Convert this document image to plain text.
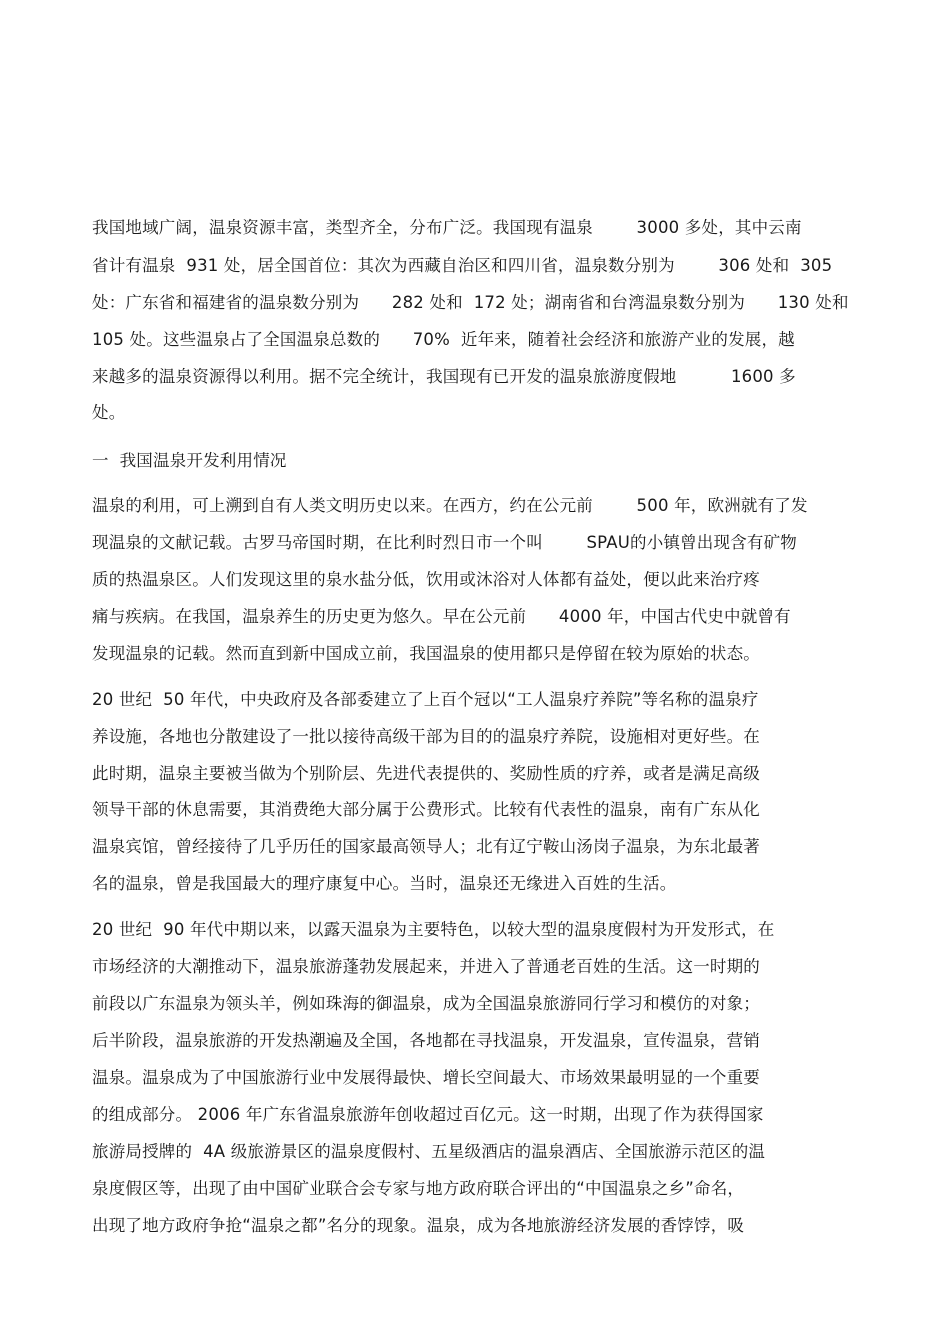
我国地域广阔，温泉资源丰富，类型齐全，分布广泛。我国现有温泉        3000 多处，其中云南
省计有温泉  931 处，居全国首位：其次为西藏自治区和四川省，温泉数分别为        306 处和  305
处：广东省和福建省的温泉数分别为      282 处和  172 处；湖南省和台湾温泉数分别为      130 处和
105 处。这些温泉占了全国温泉总数的      70%  近年来，随着社会经济和旅游产业的发展，越
来越多的温泉资源得以利用。据不完全统计，我国现有已开发的温泉旅游度假地          1600 多
处。
一  我国温泉开发利用情况
温泉的利用，可上溯到自有人类文明历史以来。在西方，约在公元前        500 年，欧洲就有了发
现温泉的文献记载。古罗马帝国时期，在比利时烈日市一个叫        SPAU的小镇曾出现含有矿物
质的热温泉区。人们发现这里的泉水盐分低，饮用或沐浴对人体都有益处，便以此来治疗疼
痛与疾病。在我国，温泉养生的历史更为悠久。早在公元前      4000 年，中国古代史中就曾有
发现温泉的记载。然而直到新中国成立前，我国温泉的使用都只是停留在较为原始的状态。
20 世纪  50 年代，中央政府及各部委建立了上百个冠以“工人温泉疗养院”等名称的温泉疗
养设施，各地也分散建设了一批以接待高级干部为目的的温泉疗养院，设施相对更好些。在
此时期，温泉主要被当做为个别阶层、先进代表提供的、奖励性质的疗养，或者是满足高级
领导干部的休息需要，其消费绝大部分属于公费形式。比较有代表性的温泉，南有广东从化
温泉宾馆，曾经接待了几乎历任的国家最高领导人；北有辽宁鞍山汤岗子温泉，为东北最著
名的温泉，曾是我国最大的理疗康复中心。当时，温泉还无缘进入百姓的生活。
20 世纪  90 年代中期以来，以露天温泉为主要特色，以较大型的温泉度假村为开发形式，在
市场经济的大潮推动下，温泉旅游蓬勃发展起来，并进入了普通老百姓的生活。这一时期的
前段以广东温泉为领头羊，例如珠海的御温泉，成为全国温泉旅游同行学习和模仿的对象；
后半阶段，温泉旅游的开发热潮遍及全国，各地都在寻找温泉，开发温泉，宣传温泉，营销
温泉。温泉成为了中国旅游行业中发展得最快、增长空间最大、市场效果最明显的一个重要
的组成部分。 2006 年广东省温泉旅游年创收超过百亿元。这一时期，出现了作为获得国家
旅游局授牌的  4A 级旅游景区的温泉度假村、五星级酒店的温泉酒店、全国旅游示范区的温
泉度假区等，出现了由中国矿业联合会专家与地方政府联合评出的“中国温泉之乡”命名，
出现了地方政府争抢“温泉之都”名分的现象。温泉，成为各地旅游经济发展的香饽饽，吸
